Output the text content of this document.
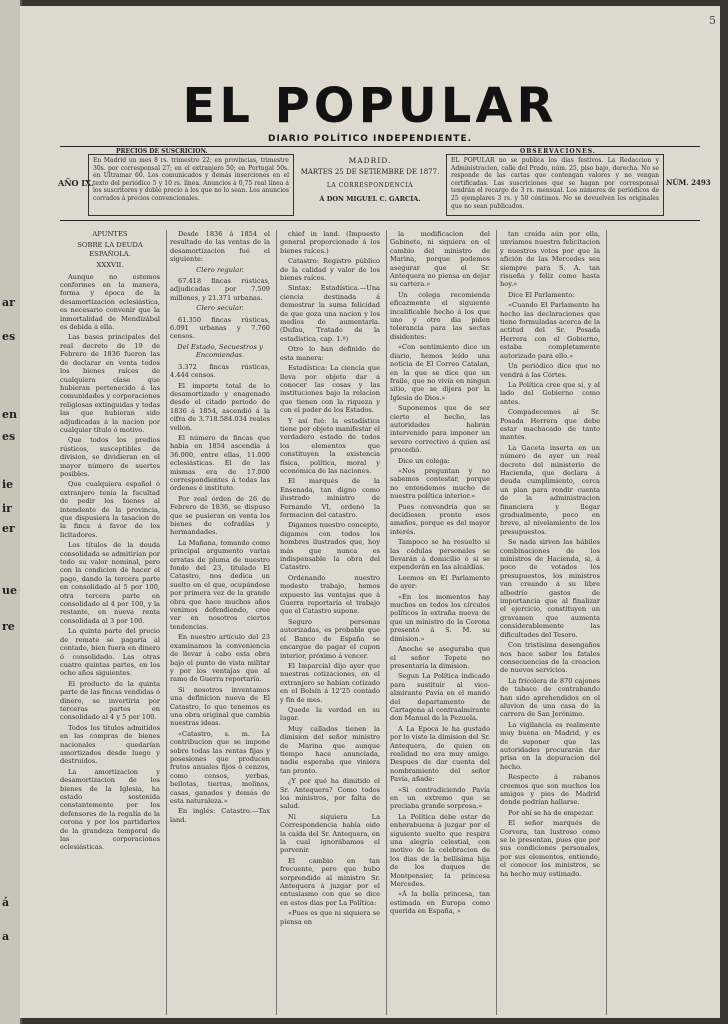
ar
es
en
es
ie
ir
er
ue
re
á
a
5
EL POPULAR
DIARIO POLÍTICO INDEPENDIENTE.
PRECIOS DE SUSCRICION.	OBSERVACIONES.
AÑO IX.
En Madrid un mes 8 rs. trimestre 22; en provincias, trimestre 30s. por corresponsal 27; en el extranjero 50; en Portugal 50s. en Ultramar 60. Los comunicados y demás inserciones en el texto del periódico 5 y 10 rs. línea. Anuncios á 0,75 real línea á los suscritores y doble precio á los que no lo sean. Los anuncios corrados á precios convencionales.
MADRID.
MARTES 25 DE SETIEMBRE DE 1877.
LA CORRESPONDENCIA
Á DON MIGUEL C. GARCÍA.
EL POPULAR no se publica los días festivos. La Redaccion y Administracion, calle del Prado, núm. 25, piso bajo, derecha. No se responde de las cartas que contengan valores y no vengan certificadas. Las suscriciones que se hagan por corresponsal tendrán el recargo de 3 rs. mensual. Los números de periódicos de 25 ejemplares 3 rs. y 50 céntimos. No se devuelven los originales que no sean publicados.
NÚM. 2493
APUNTES
SOBRE LA DEUDA ESPAÑOLA.
XXXVII.

Aunque no estemos conformes en la manera, forma y época de la desamortizacion eclesiástica, es necesario convenir que la inmortalidad de Mendizábal es debida á ella.

Las bases principales del real decreto de 19 de Febrero de 1836 fueron las de declarar en venta todos los bienes raíces de cualquiera clase que hubieran pertenecido á las comunidades y corporaciones religiosas extinguidas y todas las que hubieran sido adjudicadas á la nacion por cualquier título ó motivo.

Que todos los predios rústicos, susceptibles de division, se dividieran en el mayor número de suertes posibles.

Que cualquiera español ó extranjero tenía la facultad de pedir los bienes al intendente de la provincia, que dispusiera la tasacion de la finca á favor de los licitadores.

Los títulos de la deuda consolidada se admitirían por todo su valor nominal, pero con la condicion de hacer el pago, dando la tercera parte en consolidado al 5 por 100, otra tercera parte en consolidado al 4 por 100, y la restante, en nueva renta consolidada al 3 por 100.

La quinta parte del precio de remate se pagaría al contado, bien fuera en dinero ó consolidado. Las otras cuatro quintas partes, en los ocho años siguientes.

El producto de la quinta parte de las fincas vendidas ó dinero, se invertiria por terceras partes en consolidado al 4 y 5 por 100.

Todos los títulos admitidos en las compras de bienes nacionales quedarían amortizados desde luego y destruidos.

La amortizacion y desamortizacion de los bienes de la Iglesia, ha estado sostenida constantemente por los defensores de la regalía de la corona y por los partidarios de la grandeza temporal de las corporaciones eclesiásticas.

Desde 1836 á 1854 el resultado de las ventas de la desamortizacion fué el siguiente:

Clero regular.

67.418 fincas rústicas, adjudicadas por 7.509 millones, y 21.371 urbanas.

Clero secular.

61.350 fincas rústicas, 6.091 urbanas y 7.760 censos.

Del Estado, Secuestros y Encomiendas.

3.372 fincas rústicas, 4.444 censos.

El importe total de lo desamortizado y enagenado desde el citado periodo de 1836 á 1854, ascendió á la cifra de 3.718.584.034 reales vellon.

El número de fincas que había en 1854 ascendía á 36.000, entre ellas, 11.000 eclesiásticas. El de las mismas era de 17.000 correspondientes á todas las órdenes é instituto.

Por real órden de 26 de Febrero de 1836, se dispuso que se pusieran en venta los bienes de cofradías y hermandades.

La Mañana, tomando como principal argumento varias erratas de pluma de nuestro fondo del 23, titulado El Catastro, nos dedica un suelto en el que, ocupándose por primera vez de la grande obra que hace muchos años venimos defendiendo, cree ver en nosotros ciertos tendencias.

En nuestro artículo del 23 examinamos la conveniencia de llevar á cabo esta obra bajo el punto de vista militar y por los ventajas que al ramo de Guerra reportaría.

Si nosotros inventamos una definicion nueva de El Catastro, lo que tenemos es una obra original que cambia nuestras ideas.

«Catastro, s. m. La contribucion que se impone sobre todas las rentas fijas y posesiones que producen frutos anuales fijos ó cenzos, como censos, yerbas, bellotas, tierras, molinos, casas, ganados y demás de esta naturaleza.»

En inglés: Catastro.—Tax land.

chief in land. (Impuesto general proporcionado á los bienes raíces.)

Catastro: Registro público de la calidad y valor de los bienes raíces.

Sintax: Estadística.—Una ciencia destinada á demostrar la suma felicidad de que goza una nacion y los medios de aumentarla. (Dufau, Tratado de la estadística, cap. 1.º)

Otro lo han definido de esta manera:

Estadística: La ciencia que lleva por objeto dar á conocer las cosas y las instituciones bajo la relacion que tienen con la riqueza y con el poder de los Estados.

Y así fué: la estadística tiene por objeto manifestar el verdadero estado de todos los elementos que constituyen la existencia física, política, moral y económica de las naciones.

El marqués de la Ensenada, tan digno como ilustrado ministro de Fernando VI, ordenó la formacion del catastro.

Digamos nuestro concepto, digamos con todos los hombres ilustrados que, hoy más que nunca es indispensable la obra del Catastro.

Ordenando nuestro modesto trabajo, hemos expuesto las ventajas que á Guerra reportaría el trabajo que el Catastro supone.

Seguro personas autorizadas, es probable que el Banco de España se encargue de pagar el cupon interior, próximo á vencer.

El Imparcial dijo ayer que nuestras cotizaciones, en el extranjero se habian cotizado en el Bolsín á 12’25 contado y fin de mes.

Quede la verdad en su lugar.

Muy callados tienen la dimision del señor ministro de Marina que aunque tiempo hace anunciada, nadie esperaba que viniera tan pronto.

¿Y por qué ha dimitido el Sr. Antequera? Como todos los ministros, por falta de salud.

Ni siquiera La Correspondencia había oido la caída del Sr. Antequera, en la cual ignorábamos el porvenir.

El cambio en tan frecuente, pero que hubo sorprendido al ministro Sr. Antequera á juzgar por el entusiasmo con que se dice en estos dias por La Política:

«Pues es que ni siquiera se piensa en

la modificacion del Gabinete, ni siquiera en el cambio del ministro de Marina, porque podemos asegurar que el Sr. Antequera no piensa en dejar su cartera.»

Un colega recomienda eficazmente el siguiente incalificable hecho á los que uno y otro dia piden tolerancia para las sectas disidentes:

«Con sentimiento dice un diario, hemos leído una noticia de El Correo Catalan, en la que se dice que un fraile, que no vivía en ningun sitio, que se dijera por la Iglesia de Dios.»

Suponemos que de ser cierto el hecho, las autoridades habrán intervenido para imponer un severo correctivo á quien así procedió.

Dice un colega:

«Nos preguntan y no sabemos contestar, porque no entendemos mucho de nuestra política interior.»

Pues convendría que se decidiesen pronto esos amaños, porque es del mayor interés.

Tampoco se ha resuelto si las cédulas personales se llevarán á domicilio ó si se expenderán en las alcaldías.

Leemos en El Parlamento de ayer:

«En los momentos hay muchos en todos los círculos políticos la extraña nueva de que un ministro de la Corona presentó á S. M. su dimision.»

Anoche se aseguraba que el señor Topete no presentaría la dimision.

Segun La Política indicado para sustituir al vice-almirante Pavía en el mando del departamento de Cartagena al contraalmirante don Manuel de la Pezuela.

A La Epoca le ha gustado por lo visto la dimision del Sr. Antequera, de quien en realidad no era muy amigo. Despues de dar cuenta del nombramiento del señor Pavía, añade:

«Si contradiciendo Pavía en un extremo que se preciaba grande sorpresa.»

La Política debe estar de enhorabuena á juzgar por el siguiente suelto que respira una alegría celestial, con motivo de la celebracion de los dias de la bellísima hija de los duques de Montpensier, la princesa Mercedes.

«Á la bella princesa, tan estimada en Europa como querida en España, »

tan creída aún por ella, unvíamos nuestra felicitacion y nuestros votos por que la afición de las Mercedes sea siempre para S. A. tan risueña y feliz como hasta hoy.»

Dice El Parlamento:

«Cuando El Parlamento ha hecho las declaraciones que tiene formuladas acerca de la actitud del Sr. Posada Herrera con el Gobierno, estaba completamente autorizado para ello.»

Un periódico dice que no vendrá á las Córtes.

La Política cree que si, y al lado del Gobierno como antes.

Compadecemos al Sr. Posada Herrera que debe estar machacado de tanto mantes.

La Gaceta inserta en un número de ayer un real decreto del ministerio de Hacienda, que declara á deuda cumplimiento, cerca un plan para rendir cuenta de la administracion financiera y llegar gradualmente, poco en breve, al nivelamiento de los presupuestos.

Se nada sirven las hábiles combinaciones de los ministros de Hacienda, si, á poco de votados los presupuestos, los ministros van creando á su libre albedrío gastos de importancia que al finalizar el ejercicio, constituyen un gravamen que aumenta considerablemente las dificultades del Tesoro.

Con tristísima desengaños nos hace saber los fatales consecuencias de la creacion de nuevos servicios.

La fricolera de 870 cajones de tabaco de contrabando han sido aprehendidos en el aluvion de una casa de la carrera de San Jerónimo.

La vigilancia es realmente muy buena en Madrid, y es de suponer que las autoridades procurarán dar prisa en la depuracion del hecho.

Respecto á rabanos creemos que son muchos los amigos y pies de Madrid donde podrían hallarse.

Por ahí se ha de empezar.

El señor marqués de Corvera, tan lustroso como se le presentan, pues que por sus condiciones personales, por sus elementos, entiendo, el conocer los ministros, se ha hecho muy estimado.
